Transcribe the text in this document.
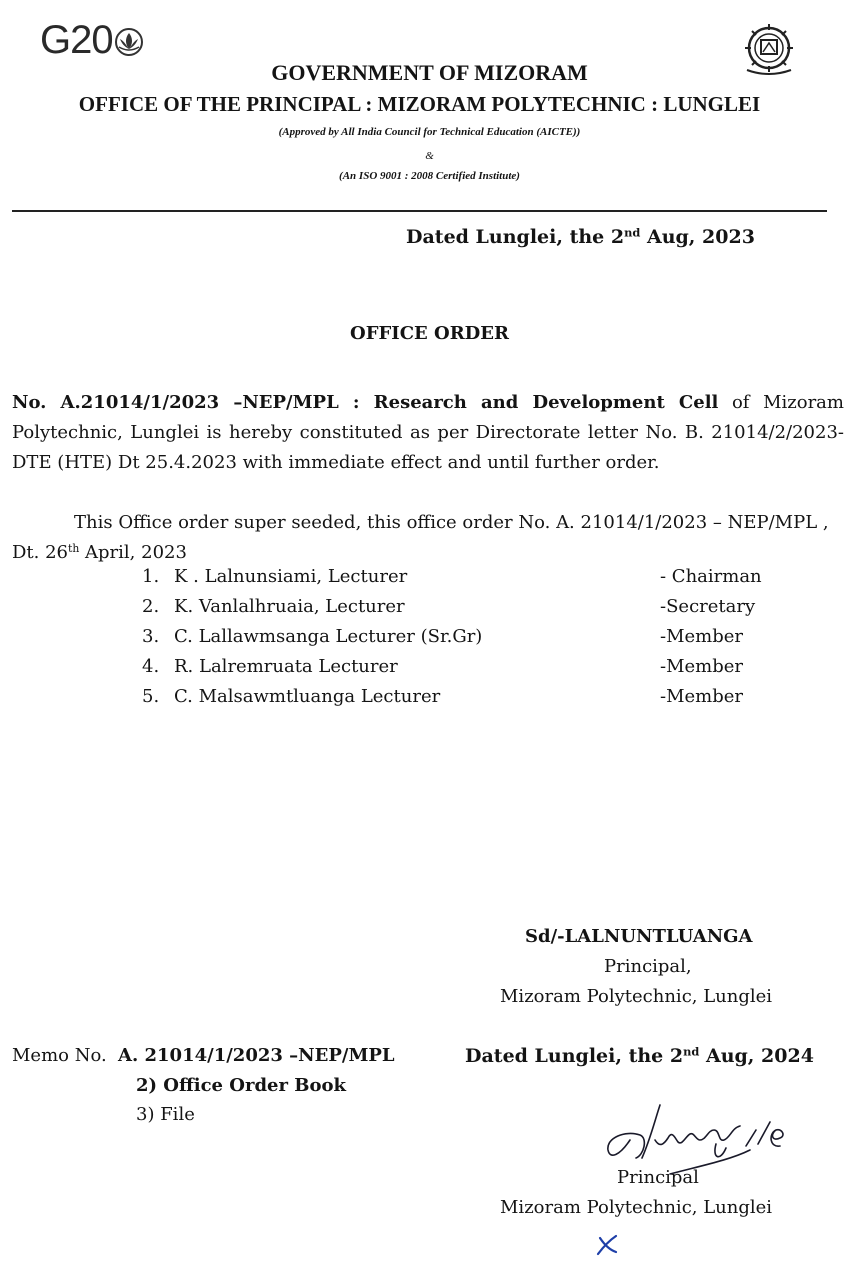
G20
GOVERNMENT OF MIZORAM
OFFICE OF THE PRINCIPAL : MIZORAM POLYTECHNIC : LUNGLEI
(Approved by All India Council for Technical Education (AICTE))
&
(An ISO 9001 : 2008 Certified Institute)
Dated Lunglei, the 2nd Aug, 2023
OFFICE ORDER
No. A.21014/1/2023 –NEP/MPL : Research and Development Cell of Mizoram Polytechnic, Lunglei is hereby constituted as per Directorate letter No. B. 21014/2/2023- DTE (HTE) Dt 25.4.2023 with immediate effect and until further order.
This Office order super seeded, this office order No. A. 21014/1/2023 – NEP/MPL , Dt. 26th April, 2023
1. K . Lalnunsiami, Lecturer	- Chairman
2. K. Vanlalhruaia, Lecturer	-Secretary
3. C. Lallawmsanga Lecturer (Sr.Gr)	-Member
4. R. Lalremruata Lecturer	-Member
5. C. Malsawmtluanga Lecturer	-Member
Sd/-LALNUNTLUANGA
Principal,
Mizoram Polytechnic, Lunglei
Memo No. A. 21014/1/2023 –NEP/MPL	Dated Lunglei, the 2nd Aug, 2024
2) Office Order Book
3) File
Principal
Mizoram Polytechnic, Lunglei
